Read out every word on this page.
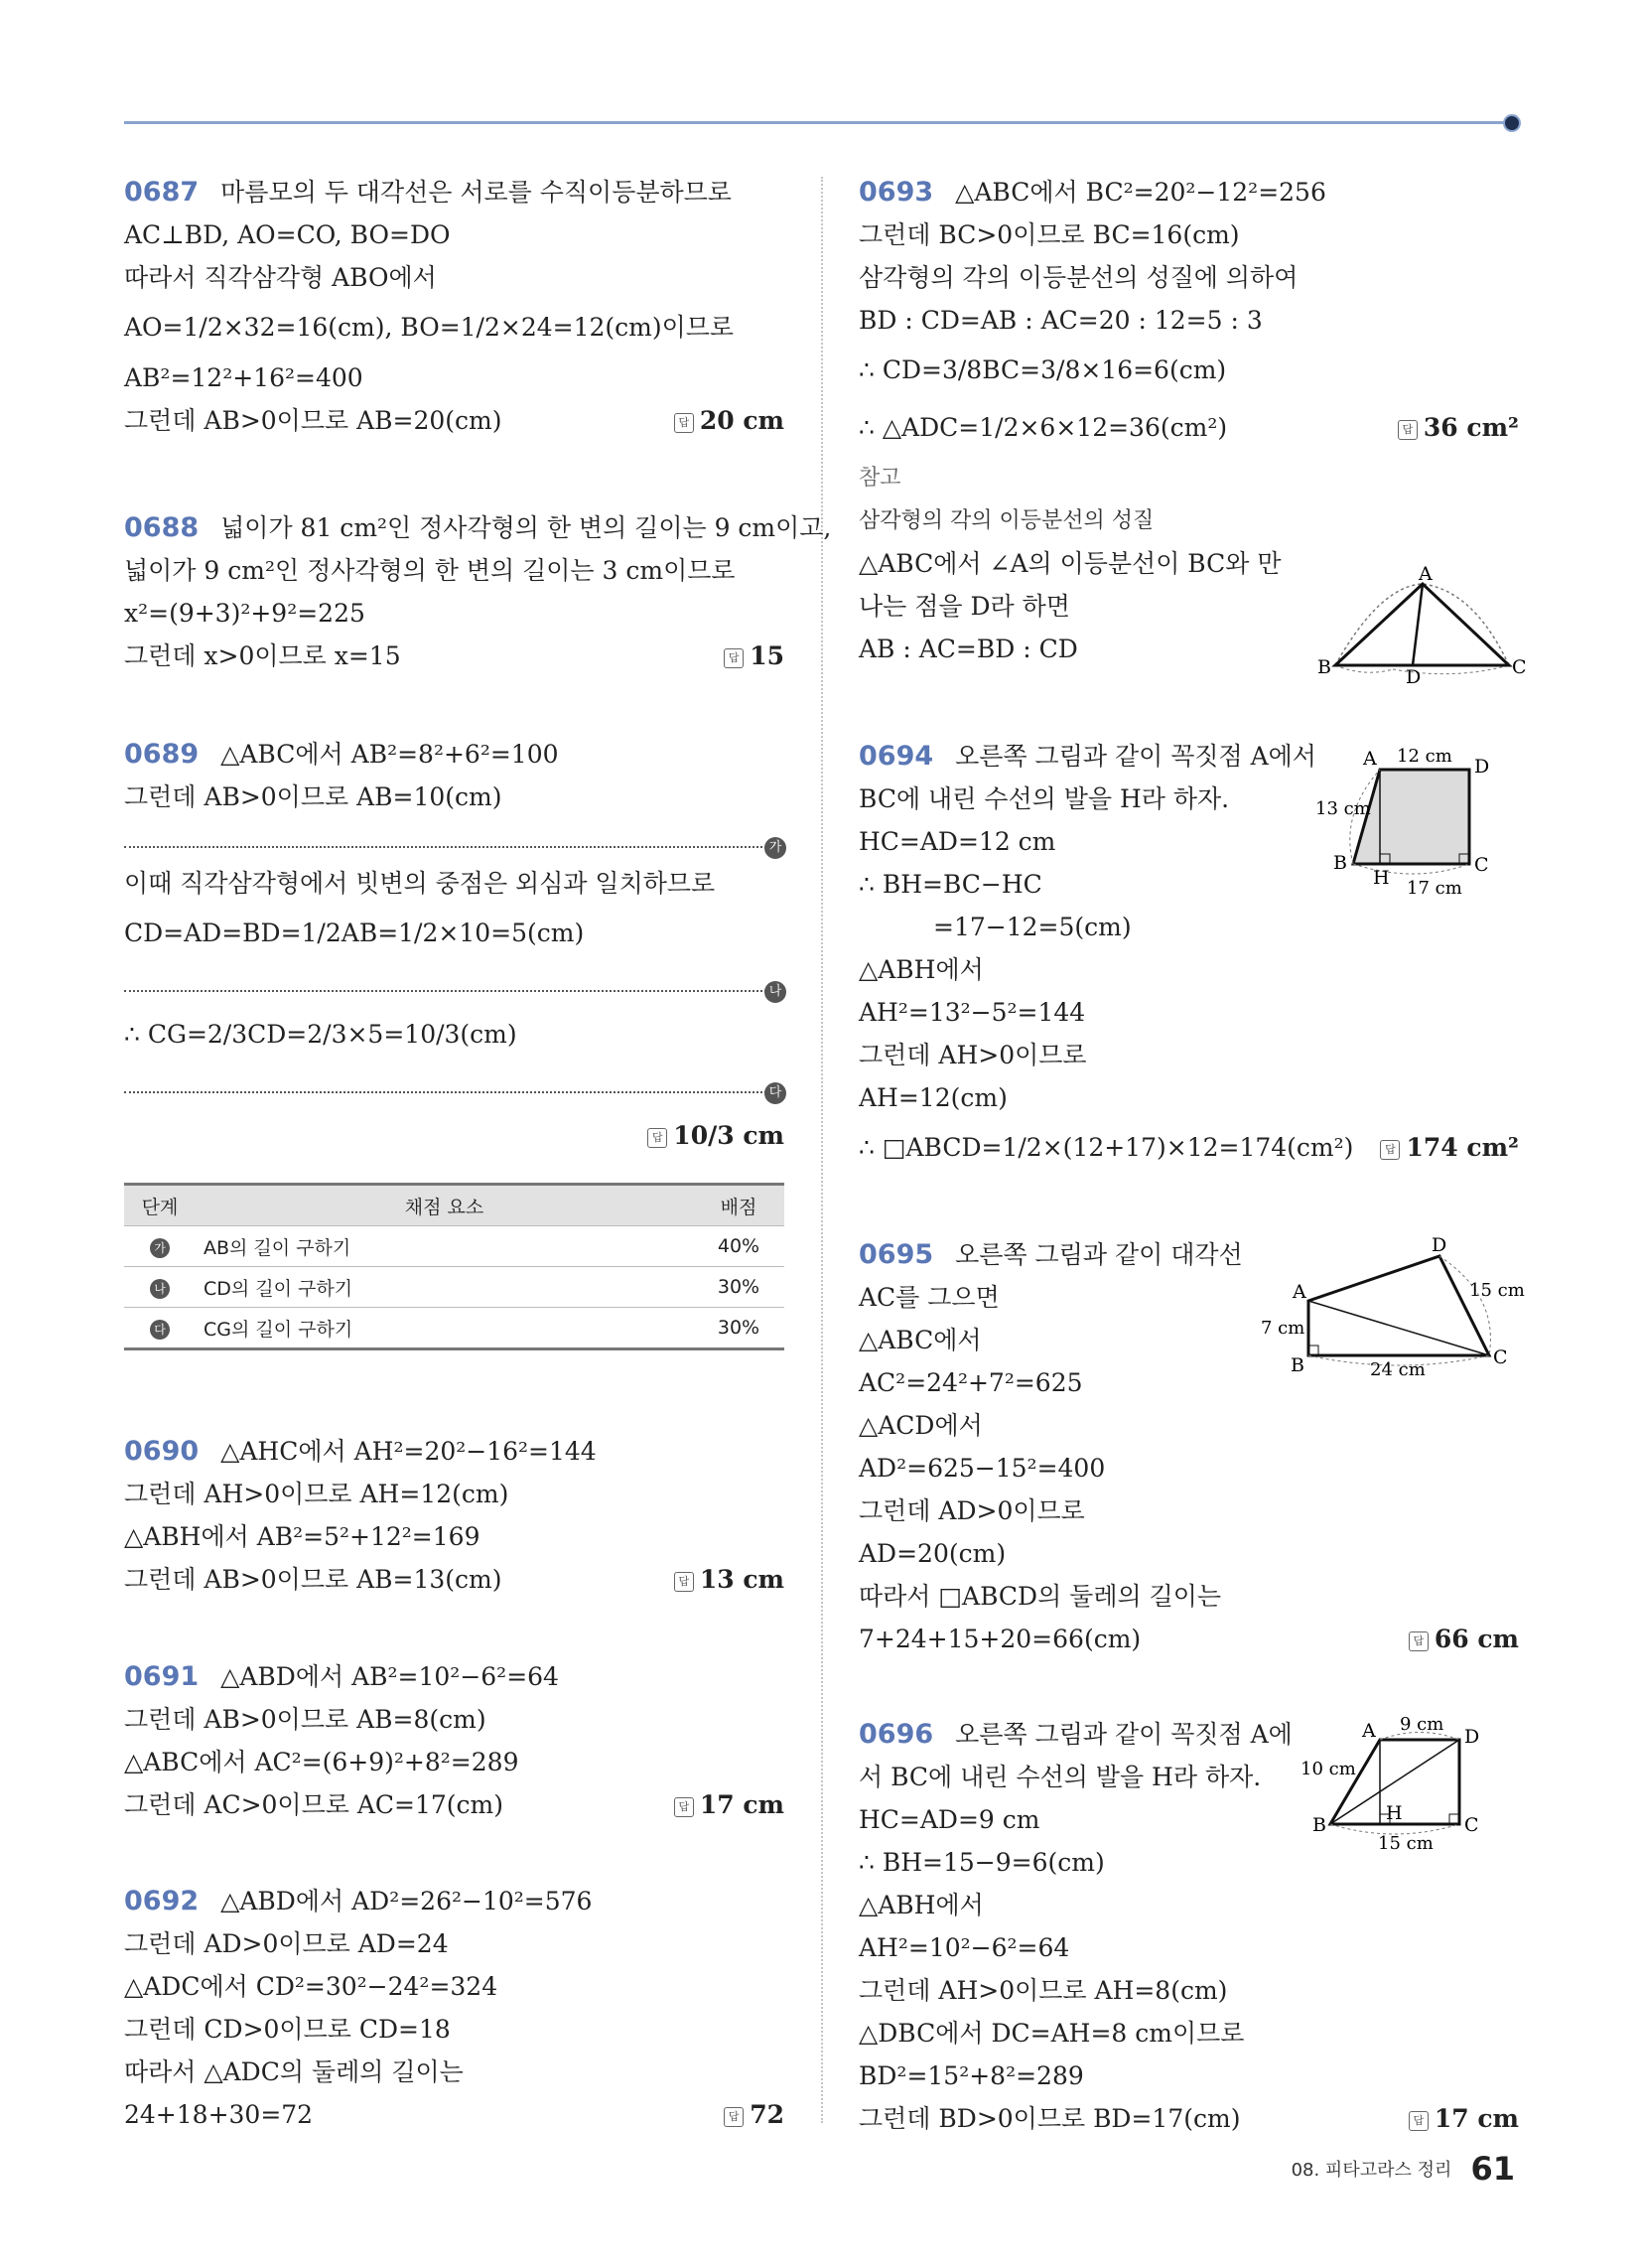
0687 마름모의 두 대각선은 서로를 수직이등분하므로
AC⊥BD, AO=CO, BO=DO
따라서 직각삼각형 ABO에서
AO=1/2×32=16(cm), BO=1/2×24=12(cm)이므로
AB²=12²+16²=400
그런데 AB>0이므로 AB=20(cm)	답 20 cm
0688 넓이가 81 cm²인 정사각형의 한 변의 길이는 9 cm이고,
넓이가 9 cm²인 정사각형의 한 변의 길이는 3 cm이므로
x²=(9+3)²+9²=225
그런데 x>0이므로 x=15	답 15
0689 △ABC에서 AB²=8²+6²=100
그런데 AB>0이므로 AB=10(cm)
가
이때 직각삼각형에서 빗변의 중점은 외심과 일치하므로
CD=AD=BD=1/2AB=1/2×10=5(cm)
나
∴ CG=2/3CD=2/3×5=10/3(cm)
다
답 10/3 cm
단계	채점 요소	배점
가	AB의 길이 구하기	40%
나	CD의 길이 구하기	30%
다	CG의 길이 구하기	30%
0690 △AHC에서 AH²=20²−16²=144
그런데 AH>0이므로 AH=12(cm)
△ABH에서 AB²=5²+12²=169
그런데 AB>0이므로 AB=13(cm)	답 13 cm
0691 △ABD에서 AB²=10²−6²=64
그런데 AB>0이므로 AB=8(cm)
△ABC에서 AC²=(6+9)²+8²=289
그런데 AC>0이므로 AC=17(cm)	답 17 cm
0692 △ABD에서 AD²=26²−10²=576
그런데 AD>0이므로 AD=24
△ADC에서 CD²=30²−24²=324
그런데 CD>0이므로 CD=18
따라서 △ADC의 둘레의 길이는
24+18+30=72	답 72
0693 △ABC에서 BC²=20²−12²=256
그런데 BC>0이므로 BC=16(cm)
삼각형의 각의 이등분선의 성질에 의하여
BD : CD=AB : AC=20 : 12=5 : 3
∴ CD=3/8BC=3/8×16=6(cm)
∴ △ADC=1/2×6×12=36(cm²)	답 36 cm²
참고
삼각형의 각의 이등분선의 성질
△ABC에서 ∠A의 이등분선이 BC와 만
나는 점을 D라 하면
AB : AC=BD : CD
A
B	D	C
0694 오른쪽 그림과 같이 꼭짓점 A에서
BC에 내린 수선의 발을 H라 하자.
HC=AD=12 cm
∴ BH=BC−HC
=17−12=5(cm)
△ABH에서
AH²=13²−5²=144
그런데 AH>0이므로
AH=12(cm)
∴ □ABCD=1/2×(12+17)×12=174(cm²)	답 174 cm²
A 12 cm D
13 cm
B
H 17 cm
C
0695 오른쪽 그림과 같이 대각선
AC를 그으면
△ABC에서
AC²=24²+7²=625
△ACD에서
AD²=625−15²=400
그런데 AD>0이므로
AD=20(cm)
따라서 □ABCD의 둘레의 길이는
7+24+15+20=66(cm)	답 66 cm
D
A	15 cm
7 cm
B	24 cm
C
0696 오른쪽 그림과 같이 꼭짓점 A에
서 BC에 내린 수선의 발을 H라 하자.
HC=AD=9 cm
∴ BH=15−9=6(cm)
△ABH에서
AH²=10²−6²=64
그런데 AH>0이므로 AH=8(cm)
△DBC에서 DC=AH=8 cm이므로
BD²=15²+8²=289
그런데 BD>0이므로 BD=17(cm)	답 17 cm
A 9 cm
D
10 cm
B
H
15 cm
C
08. 피타고라스 정리 61
